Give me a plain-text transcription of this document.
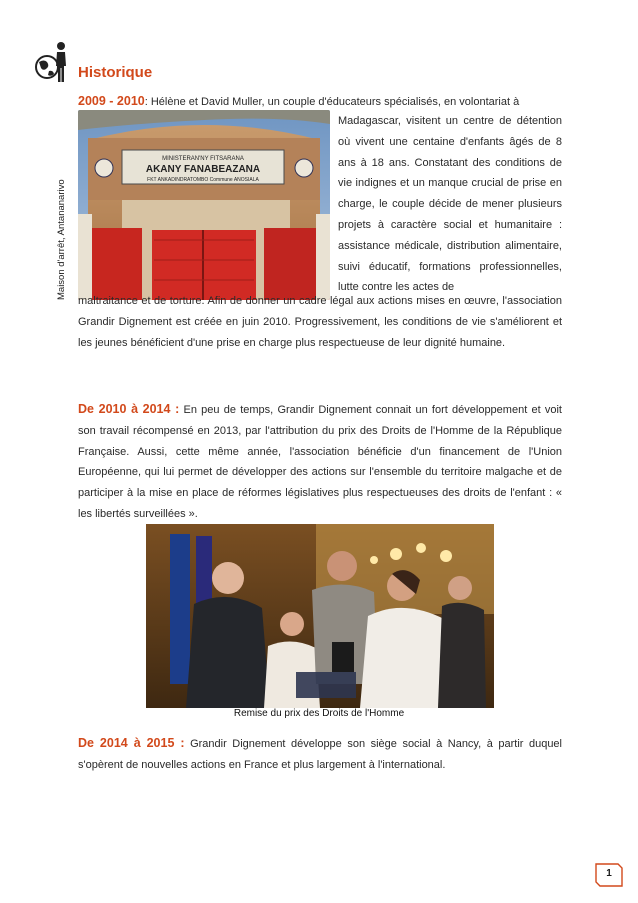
Historique
2009 - 2010: Hélène et David Muller, un couple d'éducateurs spécialisés, en volontariat à
MINISTERAN'NY FITSARANA
AKANY FANABEAZANA
FKT ANKADINDRATOMBO Commune ANOSIALA
Maison d'arrêt, Antananarivo
Madagascar, visitent un centre de détention où vivent une centaine d'enfants âgés de 8 ans à 18 ans. Constatant des conditions de vie indignes et un manque crucial de prise en charge, le couple décide de mener plusieurs projets à caractère social et humanitaire : assistance médicale, distribution alimentaire, suivi éducatif, formations professionnelles, lutte contre les actes de
maltraitance et de torture. Afin de donner un cadre légal aux actions mises en œuvre, l'association Grandir Dignement est créée en juin 2010. Progressivement, les conditions de vie s'améliorent et les jeunes bénéficient d'une prise en charge plus respectueuse de leur dignité humaine.
De 2010 à 2014 : En peu de temps, Grandir Dignement connait un fort développement et voit son travail récompensé en 2013, par l'attribution du prix des Droits de l'Homme de la République Française. Aussi, cette même année, l'association bénéficie d'un financement de l'Union Européenne, qui lui permet de développer des actions sur l'ensemble du territoire malgache et de participer à la mise en place de réformes législatives plus respectueuses des droits de l'enfant : « les libertés surveillées ».
Remise du prix des Droits de l'Homme
De 2014 à 2015 : Grandir Dignement développe son siège social à Nancy, à partir duquel s'opèrent de nouvelles actions en France et plus largement à l'international.
1
